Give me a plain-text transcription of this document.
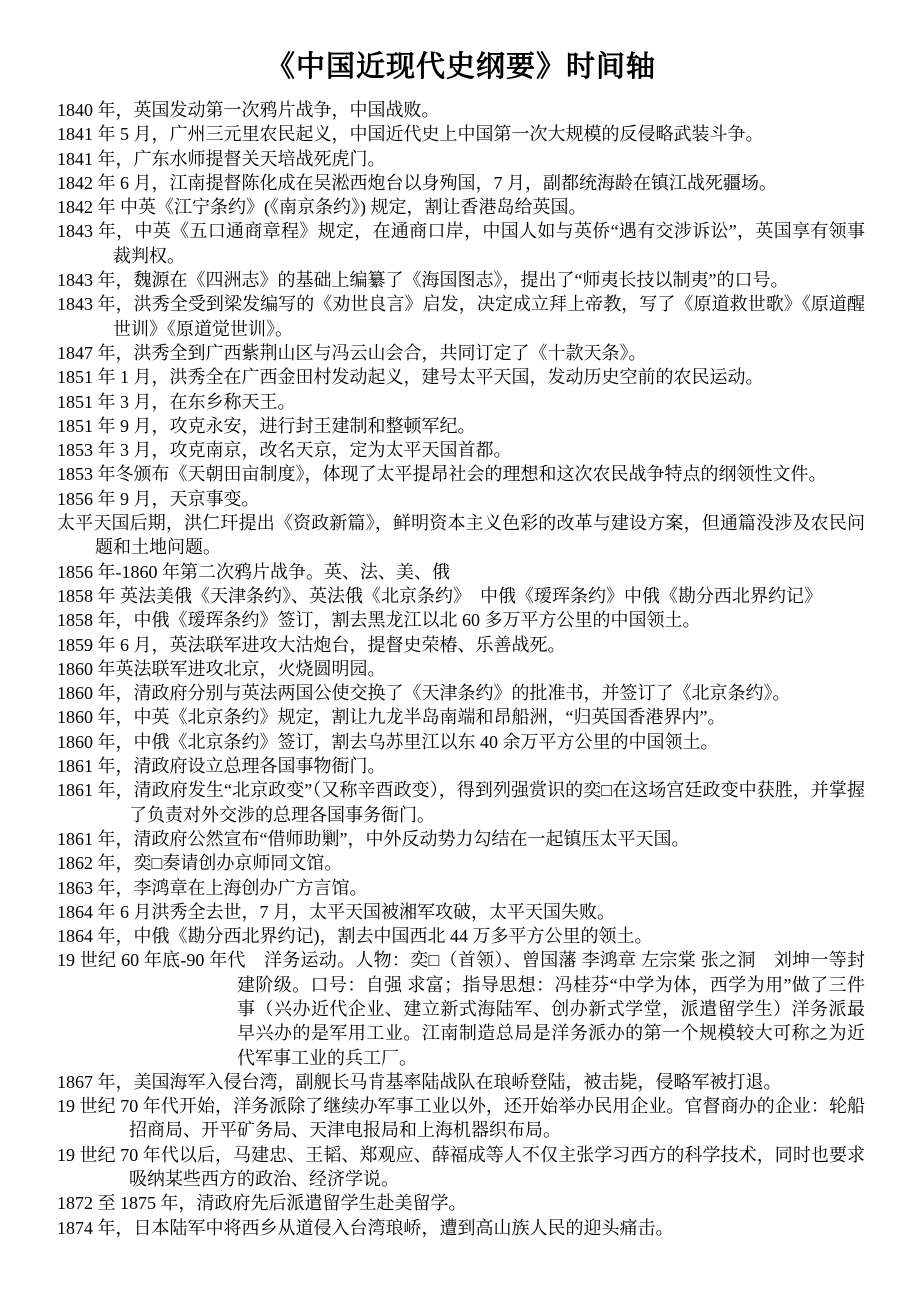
《中国近现代史纲要》时间轴

1840 年，英国发动第一次鸦片战争，中国战败。

1841 年 5 月，广州三元里农民起义，中国近代史上中国第一次大规模的反侵略武装斗争。

1841 年，广东水师提督关天培战死虎门。

1842 年 6 月，江南提督陈化成在吴淞西炮台以身殉国，7 月，副都统海龄在镇江战死疆场。

1842 年 中英《江宁条约》(《南京条约》) 规定，割让香港岛给英国。

1843 年，中英《五口通商章程》规定，在通商口岸，中国人如与英侨“遇有交涉诉讼”，英国享有领事裁判权。

1843 年，魏源在《四洲志》的基础上编纂了《海国图志》，提出了“师夷长技以制夷”的口号。

1843 年，洪秀全受到梁发编写的《劝世良言》启发，决定成立拜上帝教，写了《原道救世歌》《原道醒世训》《原道觉世训》。

1847 年，洪秀全到广西紫荆山区与冯云山会合，共同订定了《十款天条》。

1851 年 1 月，洪秀全在广西金田村发动起义，建号太平天国，发动历史空前的农民运动。

1851 年 3 月，在东乡称天王。

1851 年 9 月，攻克永安，进行封王建制和整顿军纪。

1853 年 3 月，攻克南京，改名天京，定为太平天国首都。

1853 年冬颁布《天朝田亩制度》，体现了太平提昂社会的理想和这次农民战争特点的纲领性文件。

1856 年 9 月，天京事变。

太平天国后期，洪仁玕提出《资政新篇》，鲜明资本主义色彩的改革与建设方案，但通篇没涉及农民问题和土地问题。

1856 年-1860 年第二次鸦片战争。英、法、美、俄

1858 年 英法美俄《天津条约》、英法俄《北京条约》　中俄《瑷珲条约》中俄《勘分西北界约记》

1858 年，中俄《瑷珲条约》签订，割去黑龙江以北 60 多万平方公里的中国领土。

1859 年 6 月，英法联军进攻大沽炮台，提督史荣椿、乐善战死。

1860 年英法联军进攻北京，火烧圆明园。

1860 年，清政府分别与英法两国公使交换了《天津条约》的批准书，并签订了《北京条约》。

1860 年，中英《北京条约》规定，割让九龙半岛南端和昂船洲，“归英国香港界内”。

1860 年，中俄《北京条约》签订，割去乌苏里江以东 40 余万平方公里的中国领土。

1861 年，清政府设立总理各国事物衙门。

1861 年，清政府发生“北京政变”（又称辛酉政变），得到列强赏识的奕□在这场宫廷政变中获胜，并掌握了负责对外交涉的总理各国事务衙门。

1861 年，清政府公然宣布“借师助剿”，中外反动势力勾结在一起镇压太平天国。

1862 年，奕□奏请创办京师同文馆。

1863 年，李鸿章在上海创办广方言馆。

1864 年 6 月洪秀全去世，7 月，太平天国被湘军攻破，太平天国失败。

1864 年，中俄《勘分西北界约记)，割去中国西北 44 万多平方公里的领土。

19 世纪 60 年底-90 年代　洋务运动。人物：奕□（首领）、曾国藩 李鸿章 左宗棠 张之洞　刘坤一等封建阶级。口号：自强 求富；指导思想：冯桂芬“中学为体，西学为用”做了三件事（兴办近代企业、建立新式海陆军、创办新式学堂，派遣留学生）洋务派最早兴办的是军用工业。江南制造总局是洋务派办的第一个规模较大可称之为近代军事工业的兵工厂。

1867 年，美国海军入侵台湾，副舰长马肯基率陆战队在琅峤登陆，被击毙，侵略军被打退。

19 世纪 70 年代开始，洋务派除了继续办军事工业以外，还开始举办民用企业。官督商办的企业：轮船招商局、开平矿务局、天津电报局和上海机器织布局。

19 世纪 70 年代以后，马建忠、王韬、郑观应、薛福成等人不仅主张学习西方的科学技术，同时也要求吸纳某些西方的政治、经济学说。

1872 至 1875 年，清政府先后派遣留学生赴美留学。

1874 年，日本陆军中将西乡从道侵入台湾琅峤，遭到高山族人民的迎头痛击。
